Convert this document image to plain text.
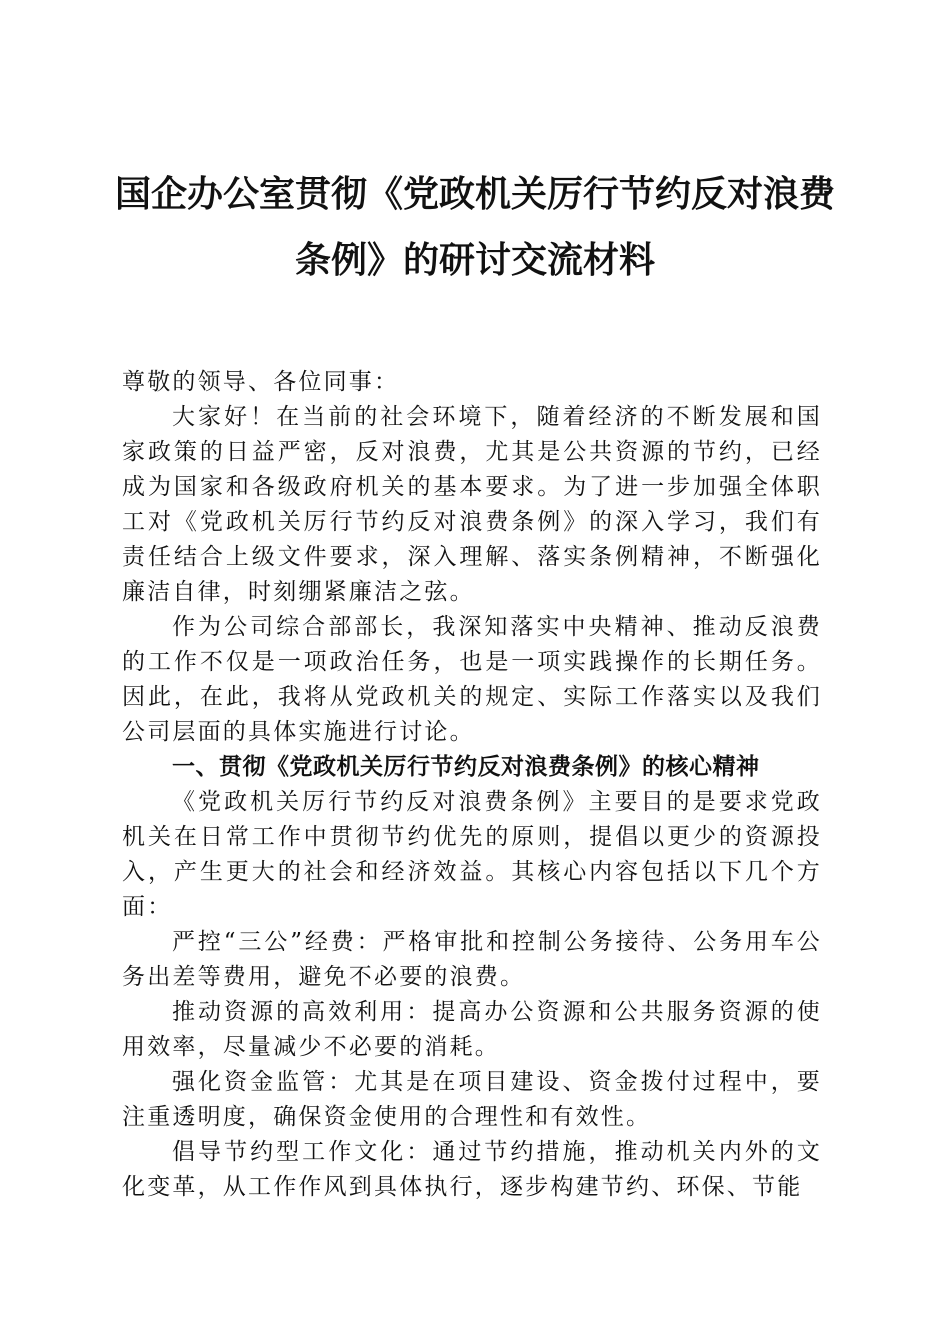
国企办公室贯彻《党政机关厉行节约反对浪费
条例》的研讨交流材料

尊敬的领导、各位同事：

大家好！在当前的社会环境下，随着经济的不断发展和国家政策的日益严密，反对浪费，尤其是公共资源的节约，已经成为国家和各级政府机关的基本要求。为了进一步加强全体职工对《党政机关厉行节约反对浪费条例》的深入学习，我们有责任结合上级文件要求，深入理解、落实条例精神，不断强化廉洁自律，时刻绷紧廉洁之弦。

作为公司综合部部长，我深知落实中央精神、推动反浪费的工作不仅是一项政治任务，也是一项实践操作的长期任务。因此，在此，我将从党政机关的规定、实际工作落实以及我们公司层面的具体实施进行讨论。

一、贯彻《党政机关厉行节约反对浪费条例》的核心精神

《党政机关厉行节约反对浪费条例》主要目的是要求党政机关在日常工作中贯彻节约优先的原则，提倡以更少的资源投入，产生更大的社会和经济效益。其核心内容包括以下几个方面：

严控“三公”经费：严格审批和控制公务接待、公务用车公务出差等费用，避免不必要的浪费。

推动资源的高效利用：提高办公资源和公共服务资源的使用效率，尽量减少不必要的消耗。

强化资金监管：尤其是在项目建设、资金拨付过程中，要注重透明度，确保资金使用的合理性和有效性。

倡导节约型工作文化：通过节约措施，推动机关内外的文化变革，从工作作风到具体执行，逐步构建节约、环保、节能
